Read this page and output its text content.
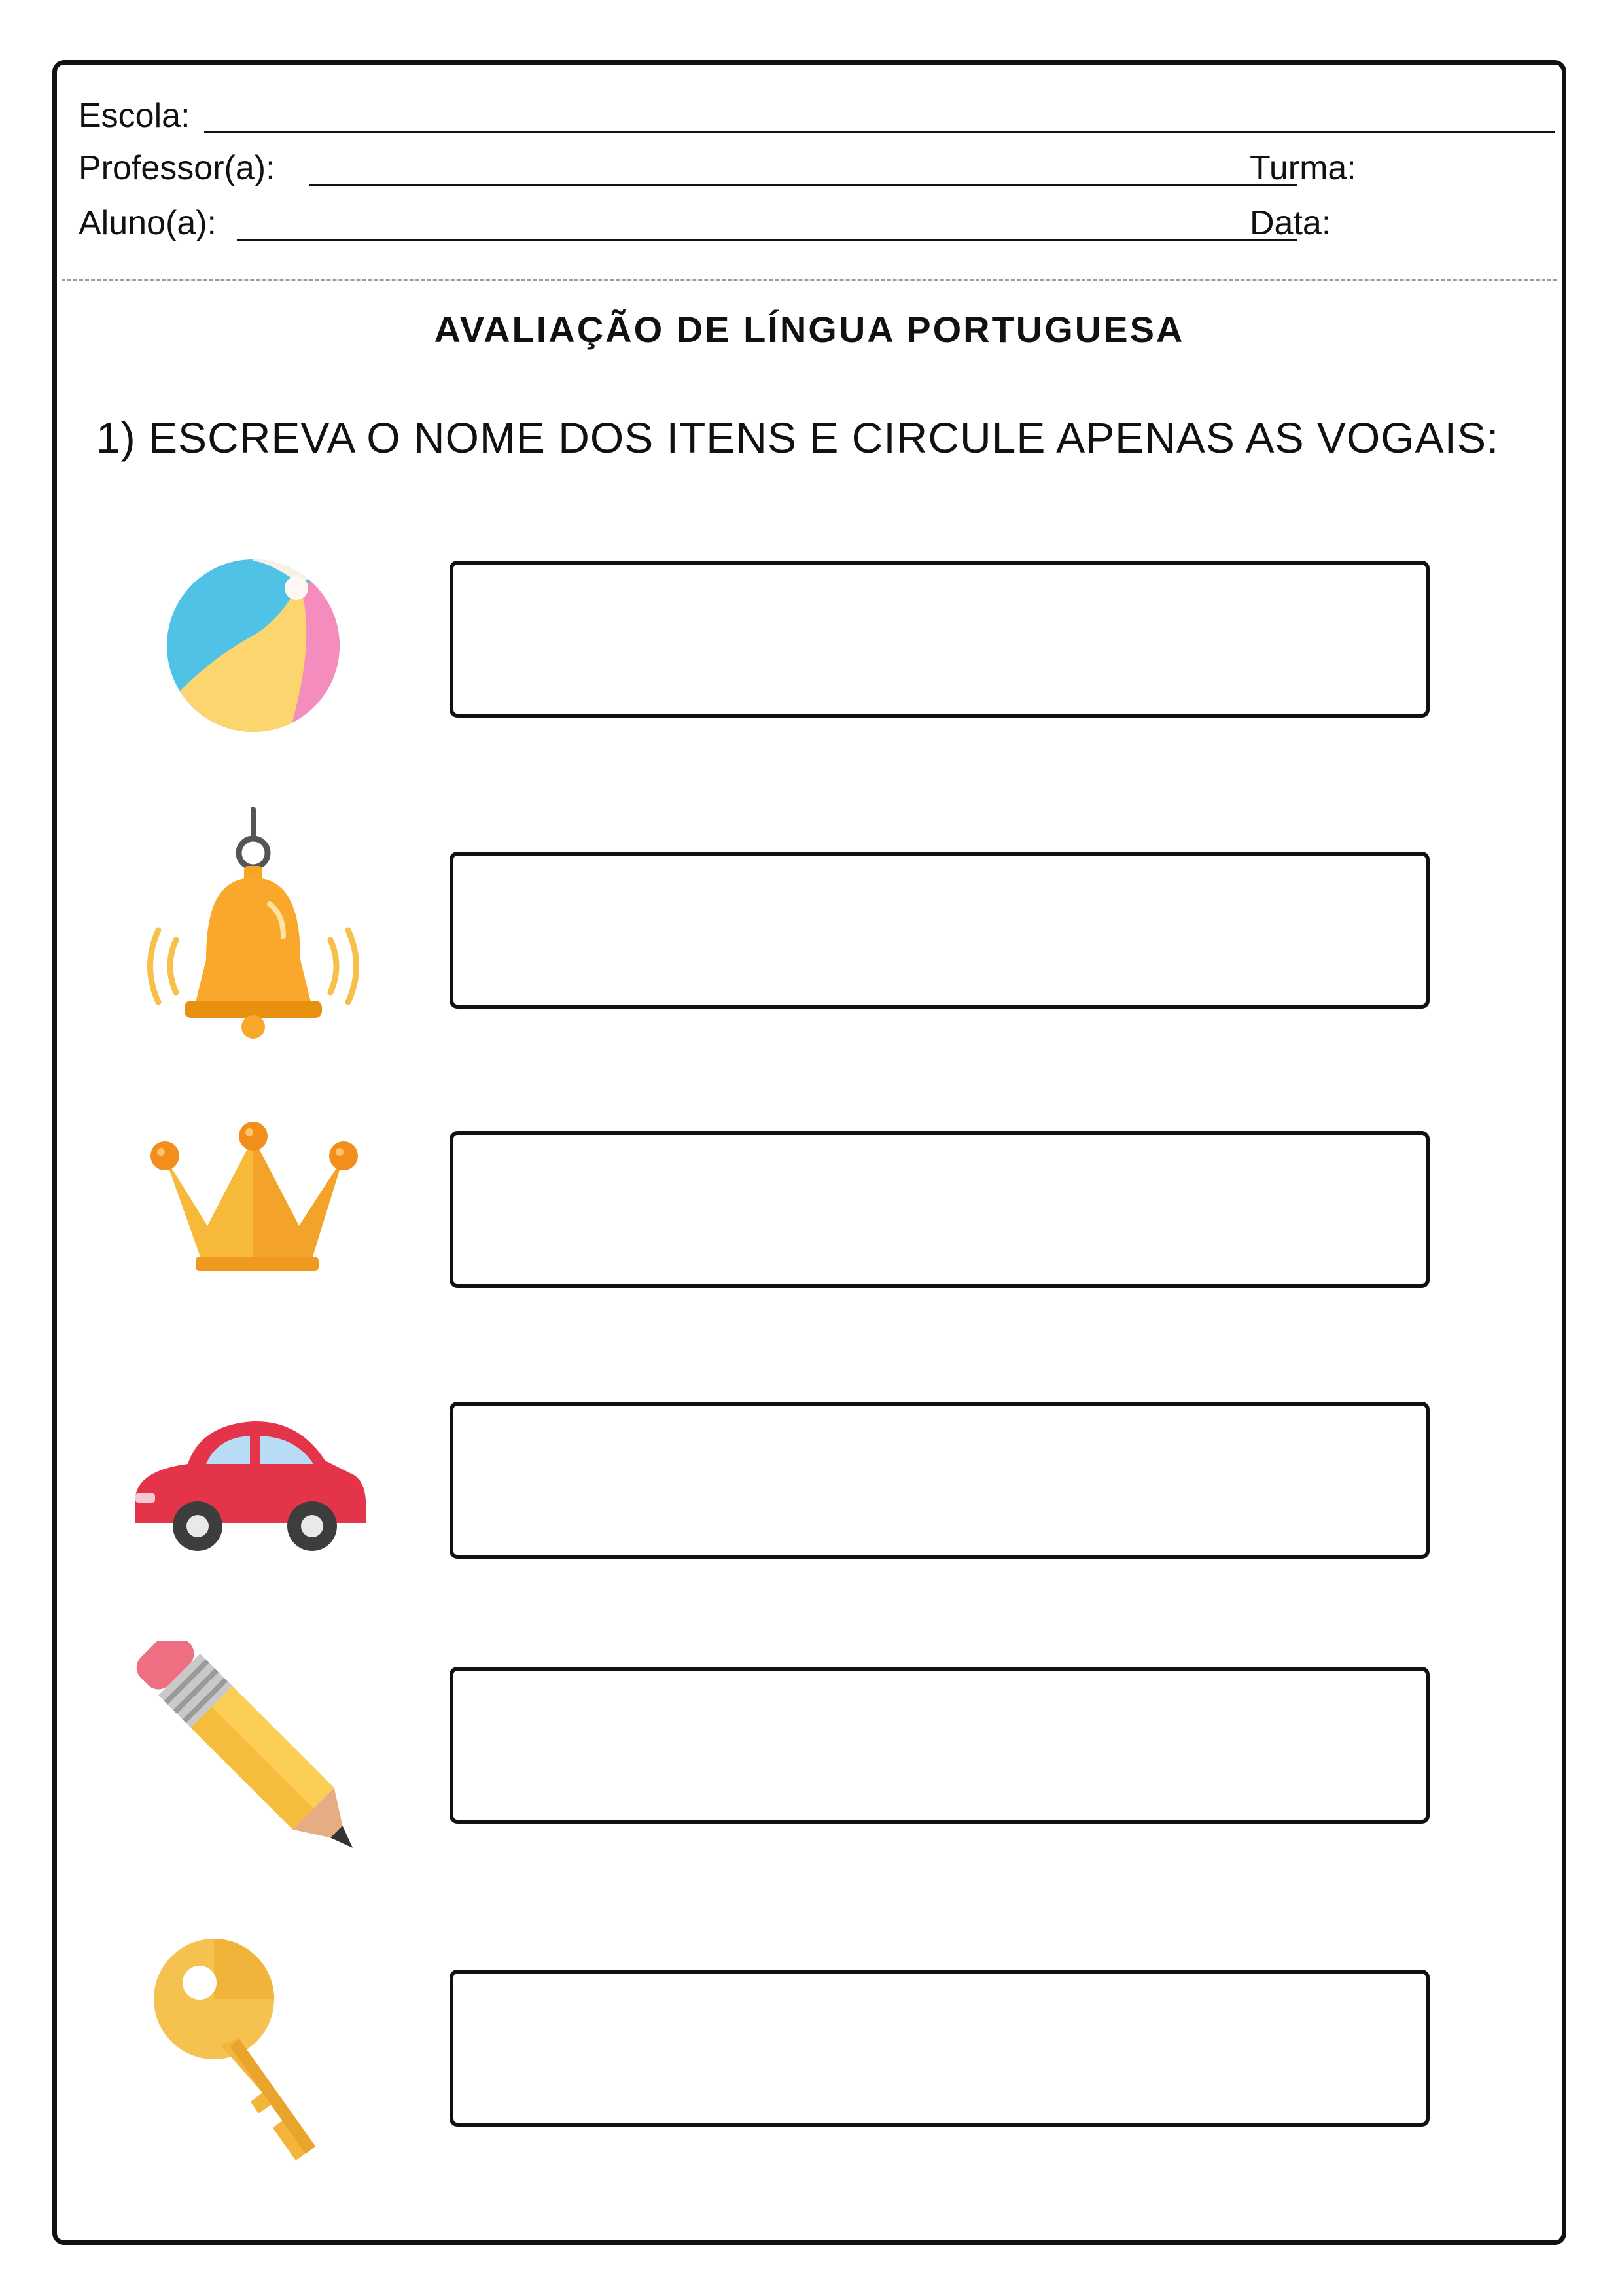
Escola:
Professor(a):	Turma:
Aluno(a):	Data:
AVALIAÇÃO DE LÍNGUA PORTUGUESA
1) ESCREVA O NOME DOS ITENS E CIRCULE APENAS AS VOGAIS:
